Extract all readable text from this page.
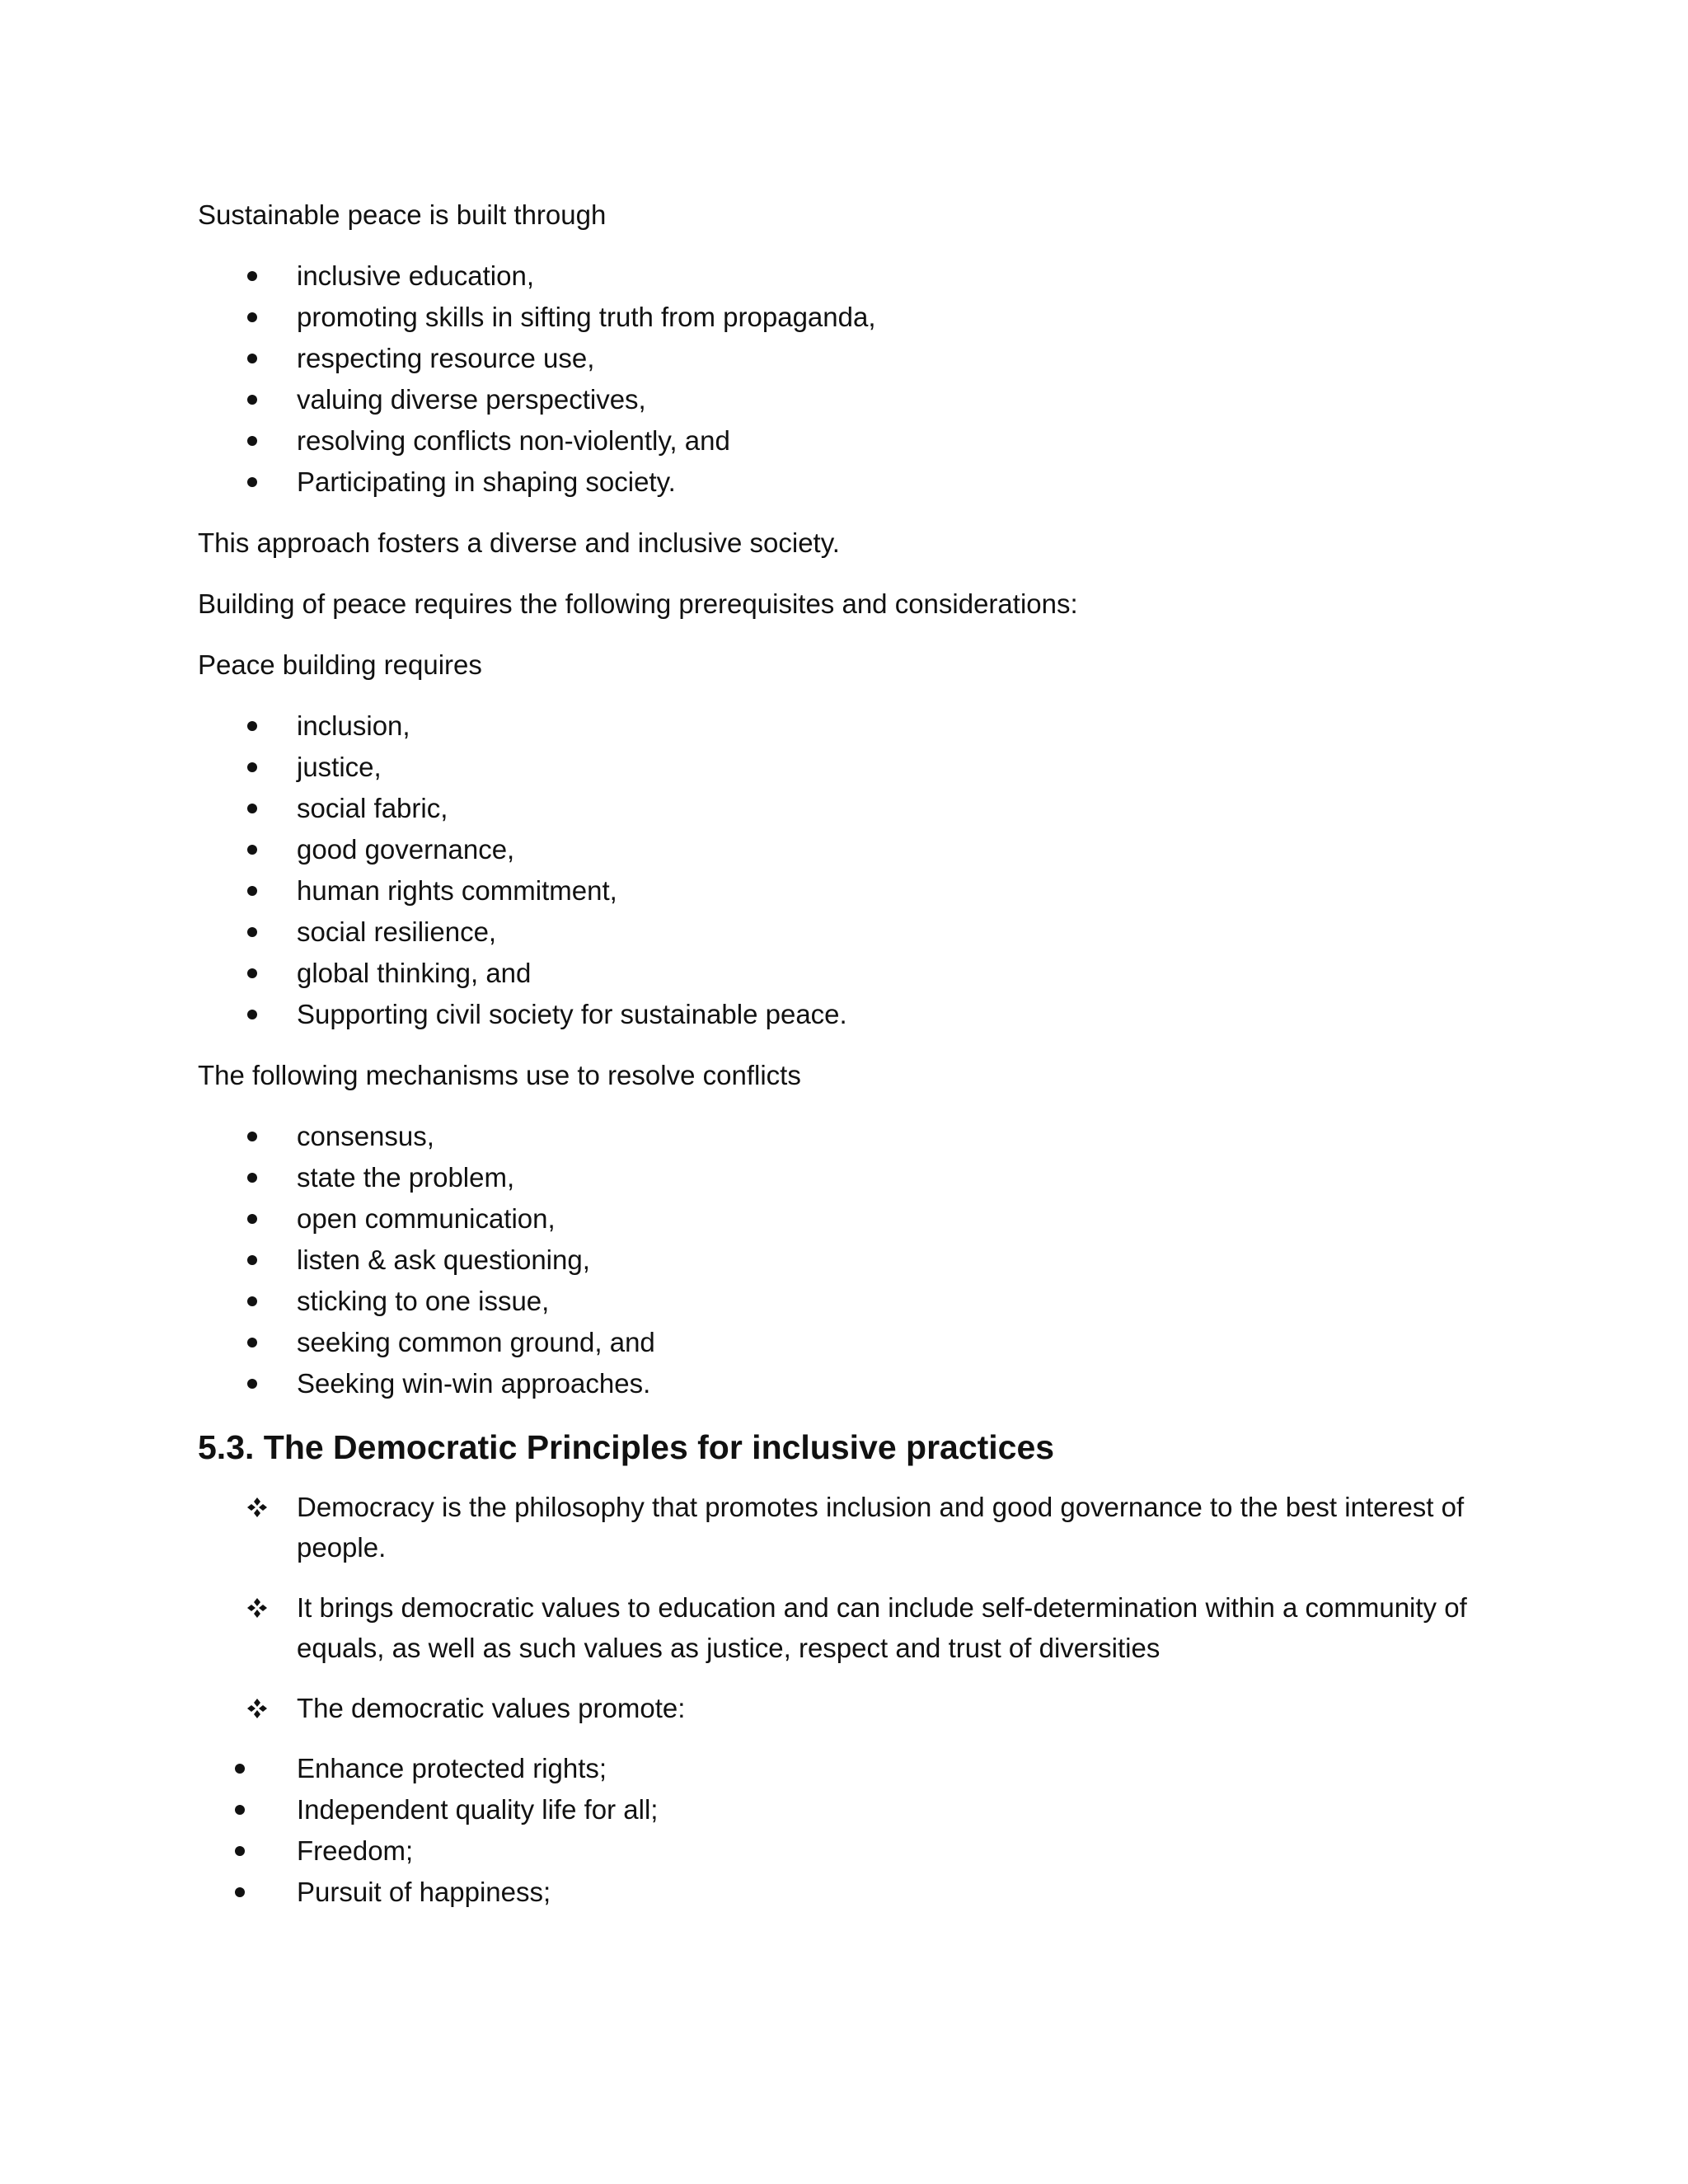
Sustainable peace is built through

inclusive education,
promoting skills in sifting truth from propaganda,
respecting resource use,
valuing diverse perspectives,
resolving conflicts non-violently, and
Participating in shaping society.

This approach fosters a diverse and inclusive society.

Building of peace requires the following prerequisites and considerations:

Peace building requires

inclusion,
justice,
social fabric,
good governance,
human rights commitment,
social resilience,
global thinking, and
Supporting civil society for sustainable peace.

The following mechanisms use to resolve conflicts

consensus,
state the problem,
open communication,
listen & ask questioning,
sticking to one issue,
seeking common ground, and
Seeking win-win approaches.
5.3. The Democratic Principles for inclusive practices
Democracy is the philosophy that promotes inclusion and good governance to the best interest of people.
It brings democratic values to education and can include self-determination within a community of equals, as well as such values as justice, respect and trust of diversities
The democratic values promote:
Enhance protected rights;
Independent quality life for all;
Freedom;
Pursuit of happiness;
